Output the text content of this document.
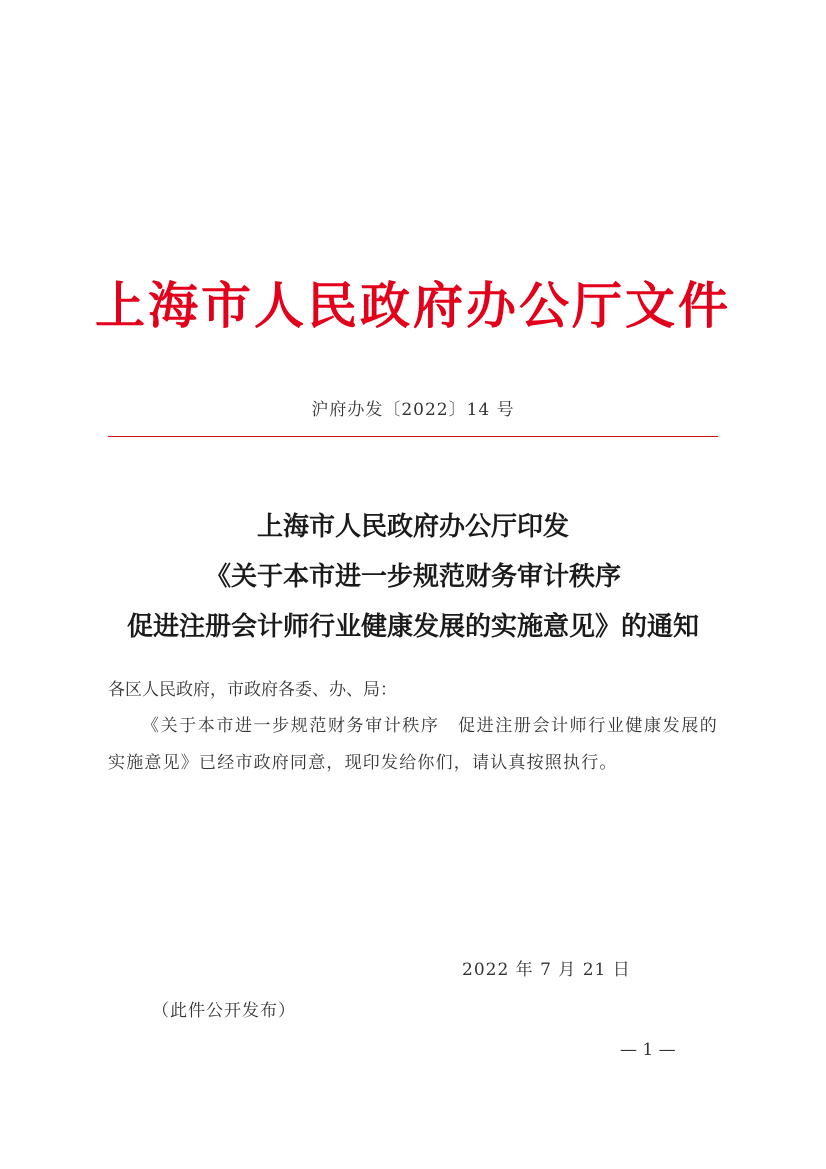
上海市人民政府办公厅文件
沪府办发〔2022〕14 号
上海市人民政府办公厅印发
《关于本市进一步规范财务审计秩序
促进注册会计师行业健康发展的实施意见》的通知
各区人民政府，市政府各委、办、局：
《关于本市进一步规范财务审计秩序　促进注册会计师行业健康发展的实施意见》已经市政府同意，现印发给你们，请认真按照执行。
2022 年 7 月 21 日
（此件公开发布）
— 1 —
